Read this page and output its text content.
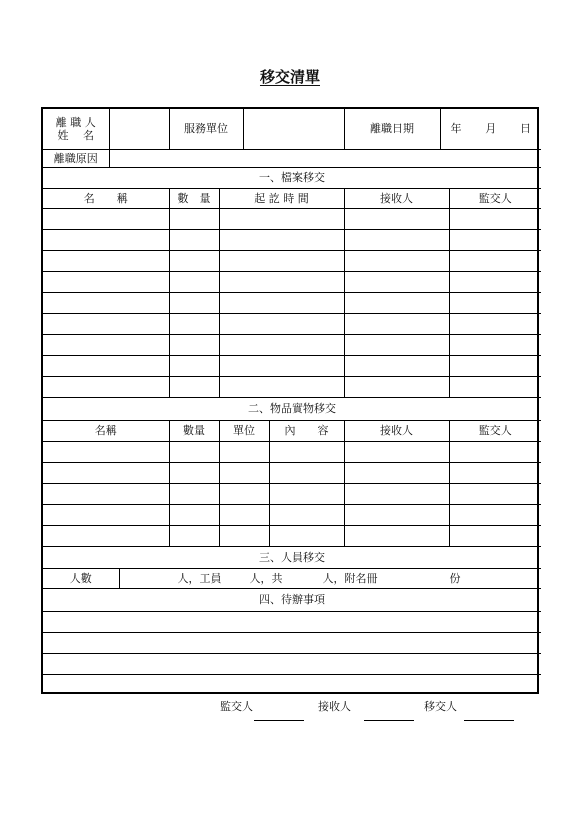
移交清單
離 職 人
姓　 名		服務單位		離職日期	年 月 日

離職原因					
一、檔案移交				
名　　稱	數　量	起 訖 時 間	接收人	監交人

二、物品實物移交					
名稱	數量	單位	內　　容	接收人	監交人

三、人員移交
人數	人，工員	人，共	人，附名冊	份
四、待辦事項

監交人	接收人	移交人
